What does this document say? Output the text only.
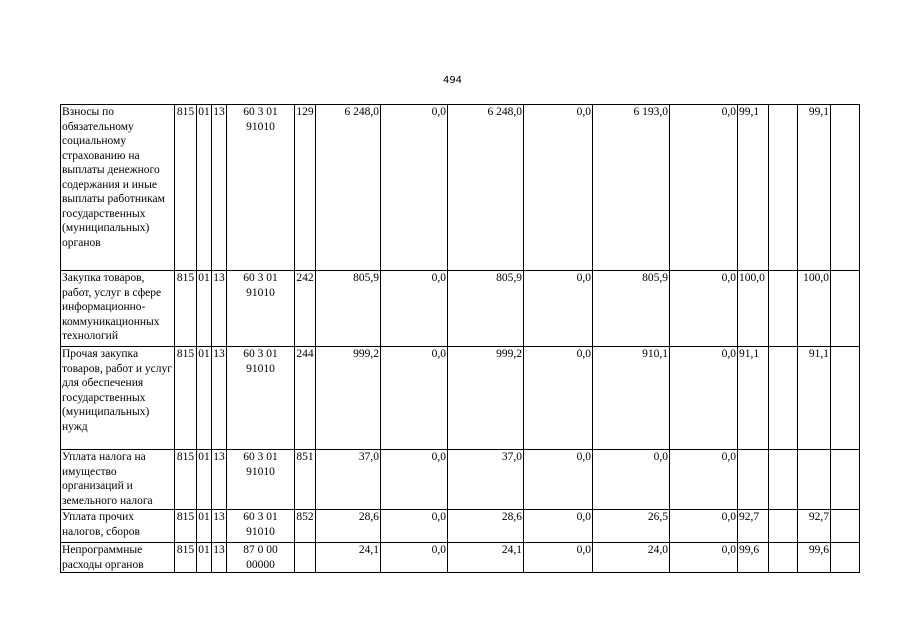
494
Взносы по обязательному социальному страхованию на выплаты денежного содержания и иные выплаты работникам государственных (муниципальных) органов	815	01	13	60 3 01 91010	129	6 248,0	0,0	6 248,0	0,0	6 193,0	0,0	99,1		99,1	
Закупка товаров, работ, услуг в сфере информационно-коммуникационных технологий	815	01	13	60 3 01 91010	242	805,9	0,0	805,9	0,0	805,9	0,0	100,0		100,0	
Прочая закупка товаров, работ и услуг для обеспечения государственных (муниципальных) нужд	815	01	13	60 3 01 91010	244	999,2	0,0	999,2	0,0	910,1	0,0	91,1		91,1	
Уплата налога на имущество организаций и земельного налога	815	01	13	60 3 01 91010	851	37,0	0,0	37,0	0,0	0,0	0,0				
Уплата прочих налогов, сборов	815	01	13	60 3 01 91010	852	28,6	0,0	28,6	0,0	26,5	0,0	92,7		92,7	
Непрограммные расходы органов	815	01	13	87 0 00 00000		24,1	0,0	24,1	0,0	24,0	0,0	99,6		99,6	
